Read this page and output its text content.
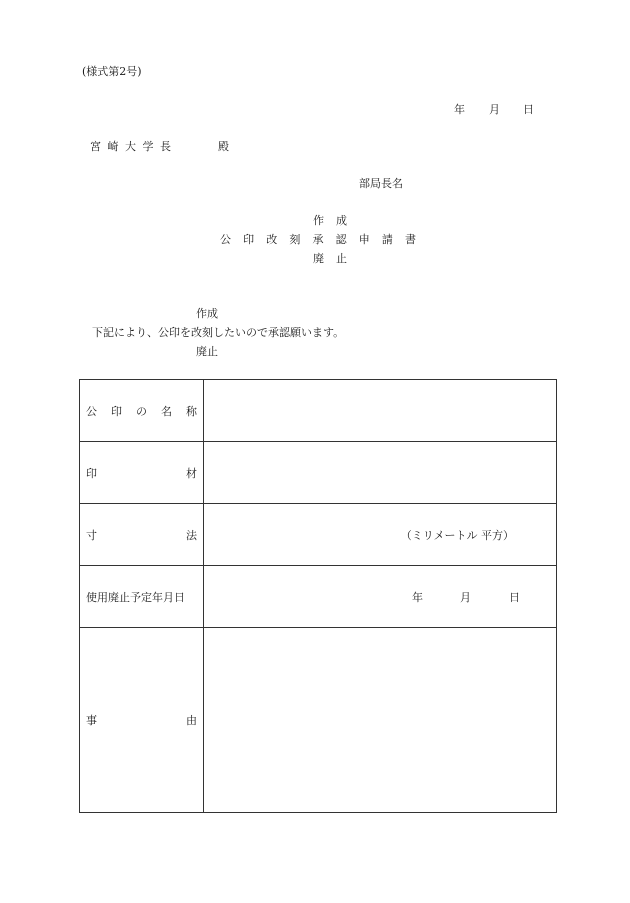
(様式第2号)
年 月 日
宮 崎 大 学 長	殿
部局長名
作 成
公 印 改 刻 承 認 申 請 書
廃 止
作成
下記により、公印を改刻したいので承認願います。
廃止
公 印 の 名 称	

印 材	

寸 法	（ミリメートル 平方）

使用廃止予定年月日	年 月 日

事 由	
